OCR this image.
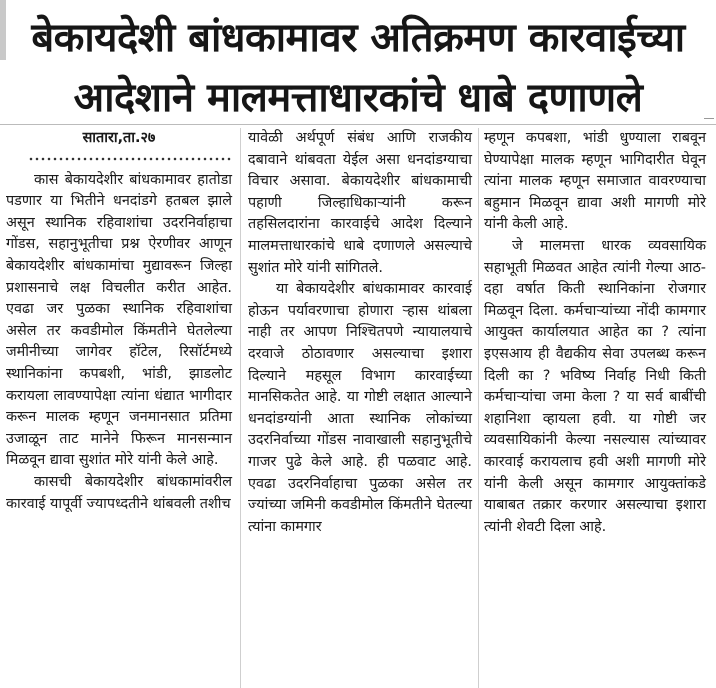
बेकायदेशी बांधकामावर अतिक्रमण कारवाईच्या
आदेशाने मालमत्ताधारकांचे धाबे दणाणले
सातारा,ता.२७

कास बेकायदेशीर बांधकामावर हातोडा पडणार या भितीने धनदांडगे हतबल झाले असून स्थानिक रहिवाशांचा उदरनिर्वाहाचा गोंडस, सहानुभूतीचा प्रश्न ऐरणीवर आणून बेकायदेशीर बांधकामांचा मुद्यावरून जिल्हा प्रशासनाचे लक्ष विचलीत करीत आहेत. एवढा जर पुळका स्थानिक रहिवाशांचा असेल तर कवडीमोल किंमतीने घेतलेल्या जमीनीच्या जागेवर हॉटेल, रिसॉर्टमध्ये स्थानिकांना कपबशी, भांडी, झाडलोट करायला लावण्यापेक्षा त्यांना धंद्यात भागीदार करून मालक म्हणून जनमानसात प्रतिमा उजाळून ताट मानेने फिरून मानसन्मान मिळवून द्यावा सुशांत मोरे यांनी केले आहे.

कासची बेकायदेशीर बांधकामांवरील कारवाई यापूर्वी ज्यापध्दतीने थांबवली तशीच

यावेळी अर्थपूर्ण संबंध आणि राजकीय दबावाने थांबवता येईल असा धनदांडग्याचा विचार असावा. बेकायदेशीर बांधकामाची पहाणी जिल्हाधिकाऱ्यांनी करून तहसिलदारांना कारवाईचे आदेश दिल्याने मालमत्ताधारकांचे धाबे दणाणले असल्याचे सुशांत मोरे यांनी सांगितले.

या बेकायदेशीर बांधकामावर कारवाई होऊन पर्यावरणाचा होणारा ऱ्हास थांबला नाही तर आपण निश्चितपणे न्यायालयाचे दरवाजे ठोठावणार असल्याचा इशारा दिल्याने महसूल विभाग कारवाईच्या मानसिकतेत आहे. या गोष्टी लक्षात आल्याने धनदांडग्यांनी आता स्थानिक लोकांच्या उदरनिर्वाच्या गोंडस नावाखाली सहानुभूतीचे गाजर पुढे केले आहे. ही पळवाट आहे. एवढा उदरनिर्वाहाचा पुळका असेल तर ज्यांच्या जमिनी कवडीमोल किंमतीने घेतल्या त्यांना कामगार

म्हणून कपबशा, भांडी धुण्याला राबवून घेण्यापेक्षा मालक म्हणून भागिदारीत घेवून त्यांना मालक म्हणून समाजात वावरण्याचा बहुमान मिळवून द्यावा अशी मागणी मोरे यांनी केली आहे.

जे मालमत्ता धारक व्यवसायिक सहाभूती मिळवत आहेत त्यांनी गेल्या आठ-दहा वर्षात किती स्थानिकांना रोजगार मिळवून दिला. कर्मचाऱ्यांच्या नोंदी कामगार आयुक्त कार्यालयात आहेत का ? त्यांना इएसआय ही वैद्यकीय सेवा उपलब्ध करून दिली का ? भविष्य निर्वाह निधी किती कर्मचाऱ्यांचा जमा केला ? या सर्व बाबींची शहानिशा व्हायला हवी. या गोष्टी जर व्यवसायिकांनी केल्या नसल्यास त्यांच्यावर कारवाई करायलाच हवी अशी मागणी मोरे यांनी केली असून कामगार आयुक्तांकडे याबाबत तक्रार करणार असल्याचा इशारा त्यांनी शेवटी दिला आहे.
